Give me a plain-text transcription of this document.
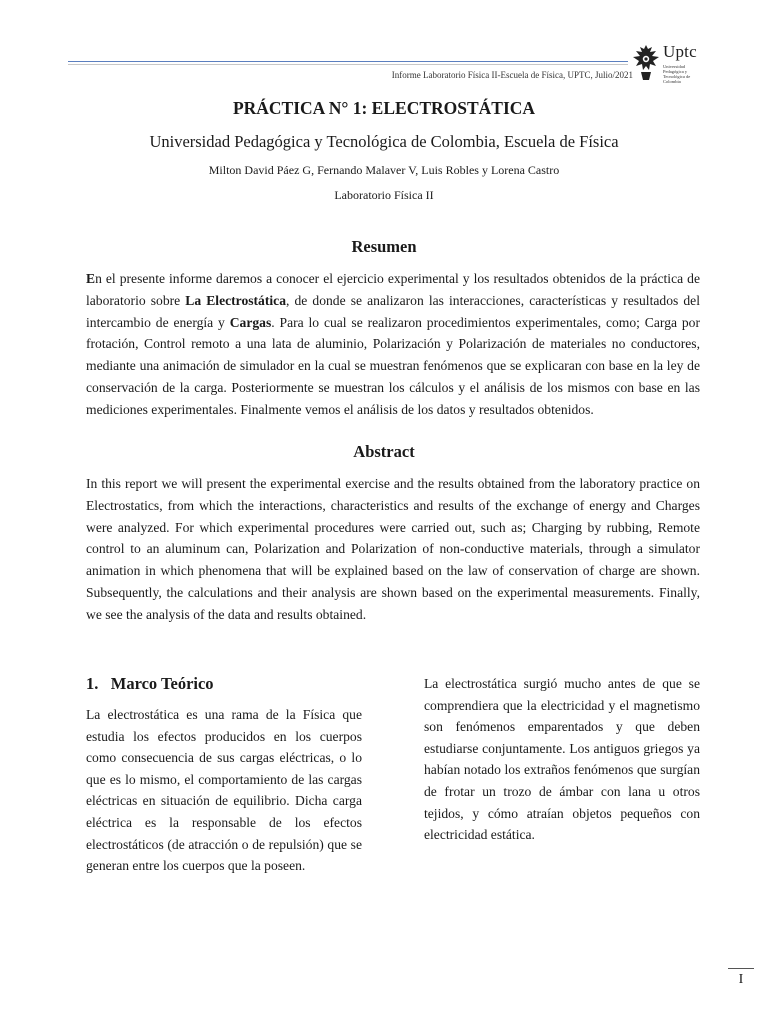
Informe Laboratorio Física II-Escuela de Física, UPTC, Julio/2021
Uptc
Universidad Pedagógica y Tecnológica de Colombia
PRÁCTICA N° 1: ELECTROSTÁTICA
Universidad Pedagógica y Tecnológica de Colombia, Escuela de Física
Milton David Páez G, Fernando Malaver V, Luis Robles y Lorena Castro
Laboratorio Física II
Resumen

En el presente informe daremos a conocer el ejercicio experimental y los resultados obtenidos de la práctica de laboratorio sobre La Electrostática, de donde se analizaron las interacciones, características y resultados del intercambio de energía y Cargas. Para lo cual se realizaron procedimientos experimentales, como; Carga por frotación, Control remoto a una lata de aluminio, Polarización y Polarización de materiales no conductores, mediante una animación de simulador en la cual se muestran fenómenos que se explicaran con base en la ley de conservación de la carga. Posteriormente se muestran los cálculos y el análisis de los mismos con base en las mediciones experimentales. Finalmente vemos el análisis de los datos y resultados obtenidos.

Abstract

In this report we will present the experimental exercise and the results obtained from the laboratory practice on Electrostatics, from which the interactions, characteristics and results of the exchange of energy and Charges were analyzed. For which experimental procedures were carried out, such as; Charging by rubbing, Remote control to an aluminum can, Polarization and Polarization of non-conductive materials, through a simulator animation in which phenomena that will be explained based on the law of conservation of charge are shown. Subsequently, the calculations and their analysis are shown based on the experimental measurements. Finally, we see the analysis of the data and results obtained.

1.   Marco Teórico

La electrostática es una rama de la Física que estudia los efectos producidos en los cuerpos como consecuencia de sus cargas eléctricas, o lo que es lo mismo, el comportamiento de las cargas eléctricas en situación de equilibrio. Dicha carga eléctrica es la responsable de los efectos electrostáticos (de atracción o de repulsión) que se generan entre los cuerpos que la poseen.

La electrostática surgió mucho antes de que se comprendiera que la electricidad y el magnetismo son fenómenos emparentados y que deben estudiarse conjuntamente. Los antiguos griegos ya habían notado los extraños fenómenos que surgían de frotar un trozo de ámbar con lana u otros tejidos, y cómo atraían objetos pequeños con electricidad estática.

I
